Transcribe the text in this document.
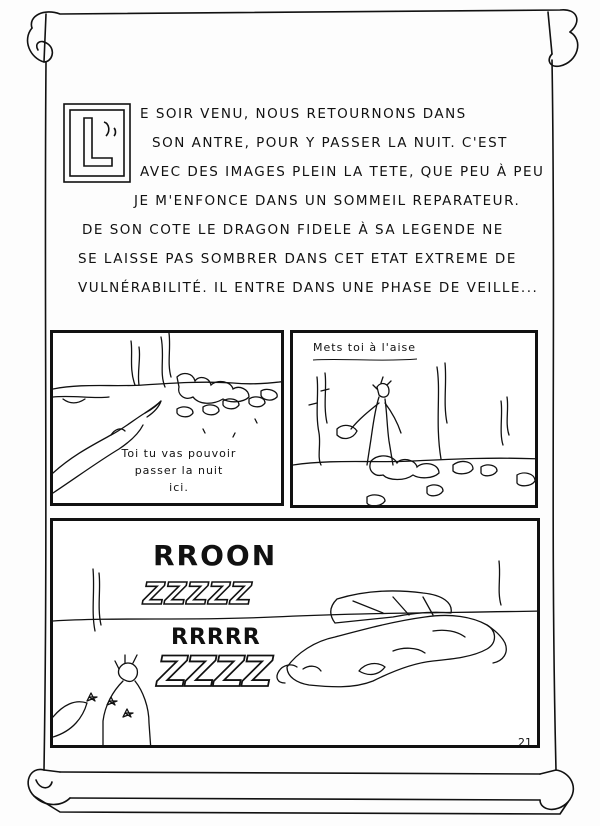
E SOIR VENU, NOUS RETOURNONS DANS
SON ANTRE, POUR Y PASSER LA NUIT. C'EST
AVEC DES IMAGES PLEIN LA TETE, QUE PEU À PEU
JE M'ENFONCE DANS UN SOMMEIL REPARATEUR.
DE SON COTE LE DRAGON FIDELE À SA LEGENDE NE
SE LAISSE PAS SOMBRER DANS CET ETAT EXTREME DE
VULNÉRABILITÉ. IL ENTRE DANS UNE PHASE DE VEILLE...
Toi tu vas pouvoir
passer la nuit
ici.
Mets toi à l'aise
RROON
ZZZZZ
RRRRR
ZZZZ
21
